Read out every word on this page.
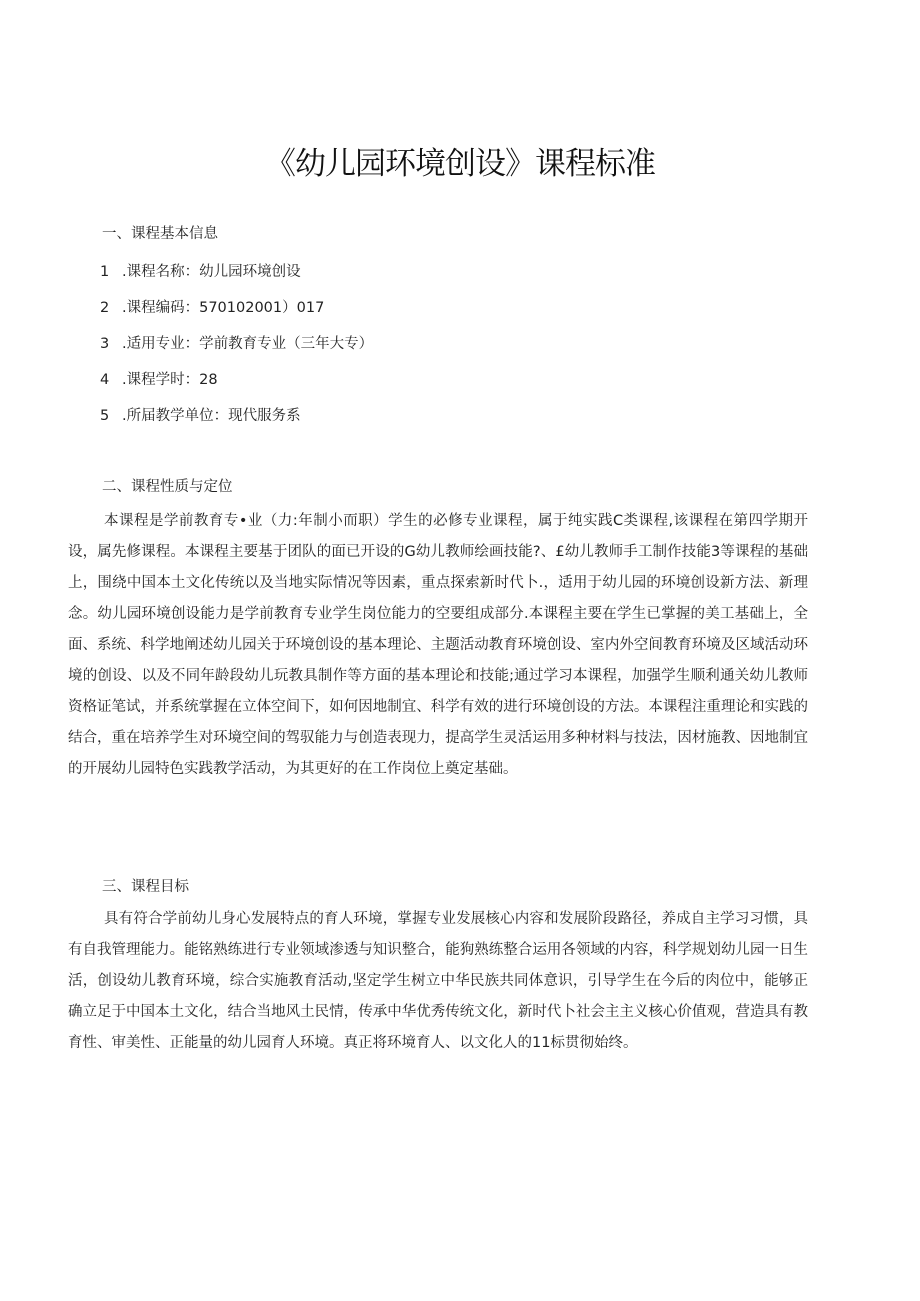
《幼儿园环境创设》课程标准
一、课程基本信息
1 .课程名称：幼儿园环境创设
2 .课程编码：570102001）017
3 .适用专业：学前教育专业（三年大专）
4 .课程学时：28
5 .所届教学单位：现代服务系
二、课程性质与定位
本课程是学前教育专•业（力:年制小而职）学生的必修专业课程，属于纯实践C类课程,该课程在第四学期开设，属先修课程。本课程主要基于团队的面已开设的G幼儿教师绘画技能?、£幼儿教师手工制作技能3等课程的基础上，围绕中国本土文化传统以及当地实际情况等因素，重点探索新时代卜.，适用于幼儿园的环境创设新方法、新理念。幼儿园环境创设能力是学前教育专业学生岗位能力的空要组成部分.本课程主要在学生已掌握的美工基础上，全面、系统、科学地阐述幼儿园关于环境创设的基本理论、主题活动教育环境创设、室内外空间教育环境及区域活动环境的创设、以及不同年龄段幼儿玩教具制作等方面的基本理论和技能;通过学习本课程，加强学生顺利通关幼儿教师资格证笔试，并系统掌握在立体空间下，如何因地制宜、科学有效的进行环境创设的方法。本课程注重理论和实践的结合，重在培养学生对环境空间的驾驭能力与创造表现力，提高学生灵活运用多种材料与技法，因材施教、因地制宜的开展幼儿园特色实践教学活动，为其更好的在工作岗位上奠定基础。
三、课程目标
具有符合学前幼儿身心发展特点的育人环境，掌握专业发展核心内容和发展阶段路径，养成自主学习习惯，具有自我管理能力。能铭熟练进行专业领域渗透与知识整合，能狗熟练整合运用各领域的内容，科学规划幼儿园一日生活，创设幼儿教育环境，综合实施教育活动,坚定学生树立中华民族共同体意识，引导学生在今后的肉位中，能够正确立足于中国本土文化，结合当地风土民情，传承中华优秀传统文化，新时代卜社会主主义核心价值观，营造具有教育性、审美性、正能量的幼儿园育人环境。真正将环境育人、以文化人的11标贯彻始终。
